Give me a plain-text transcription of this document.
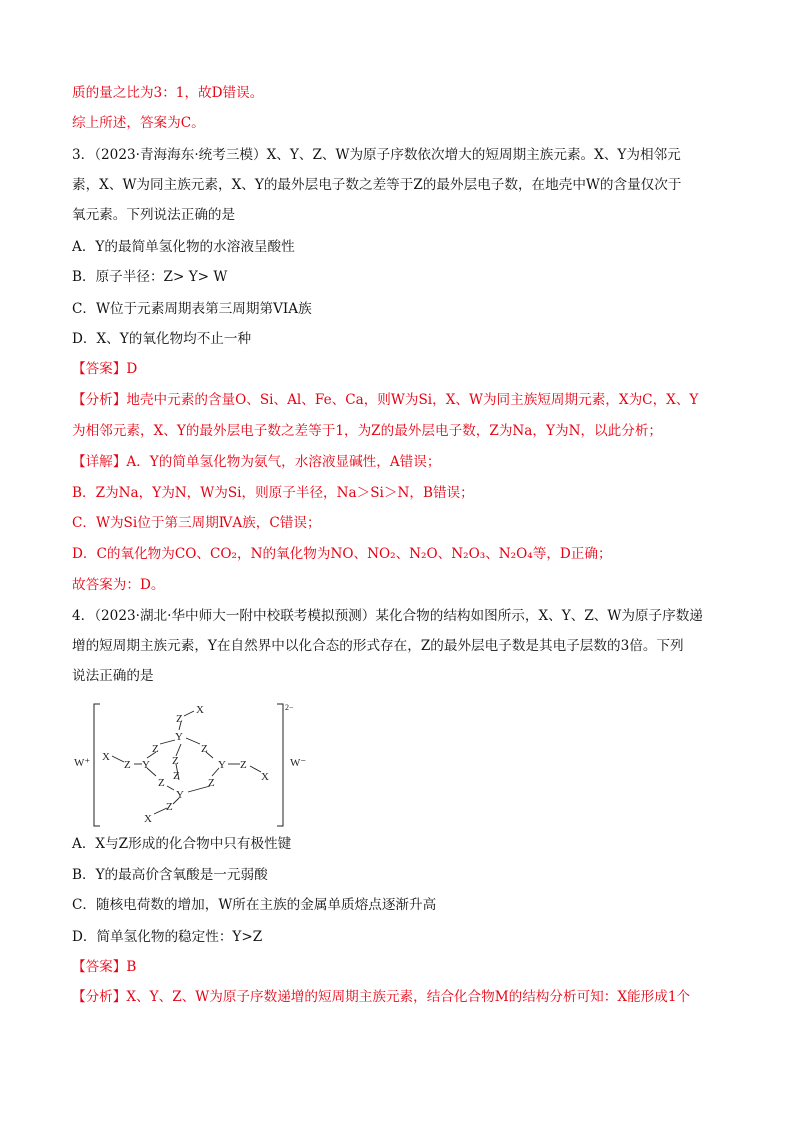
质的量之比为3：1，故D错误。
综上所述，答案为C。
3．（2023·青海海东·统考三模）X、Y、Z、W为原子序数依次增大的短周期主族元素。X、Y为相邻元
素，X、W为同主族元素，X、Y的最外层电子数之差等于Z的最外层电子数，在地壳中W的含量仅次于
氧元素。下列说法正确的是
A．Y的最简单氢化物的水溶液呈酸性
B．原子半径：Z> Y> W
C．W位于元素周期表第三周期第VIA族
D．X、Y的氧化物均不止一种
【答案】D
【分析】地壳中元素的含量O、Si、Al、Fe、Ca，则W为Si，X、W为同主族短周期元素，X为C，X、Y
为相邻元素，X、Y的最外层电子数之差等于1，为Z的最外层电子数，Z为Na，Y为N，以此分析；
【详解】A．Y的简单氢化物为氨气，水溶液显碱性，A错误；
B．Z为Na，Y为N，W为Si，则原子半径，Na＞Si＞N，B错误；
C．W为Si位于第三周期ⅣA族，C错误；
D．C的氧化物为CO、CO₂，N的氧化物为NO、NO₂、N₂O、N₂O₃、N₂O₄等，D正确；
故答案为：D。
4．（2023·湖北·华中师大一附中校联考模拟预测）某化合物的结构如图所示，X、Y、Z、W为原子序数递
增的短周期主族元素，Y在自然界中以化合态的形式存在，Z的最外层电子数是其电子层数的3倍。下列
说法正确的是
A．X与Z形成的化合物中只有极性键
B．Y的最高价含氧酸是一元弱酸
C．随核电荷数的增加，W所在主族的金属单质熔点逐渐升高
D．简单氢化物的稳定性：Y>Z
【答案】B
【分析】X、Y、Z、W为原子序数递增的短周期主族元素，结合化合物M的结构分析可知：X能形成1个
W⁺	W⁻
2−
X
Z
Y
X
Z Y
Z	Z
Z
Z
Y Z
X
Z	Z
Y
Z
X
